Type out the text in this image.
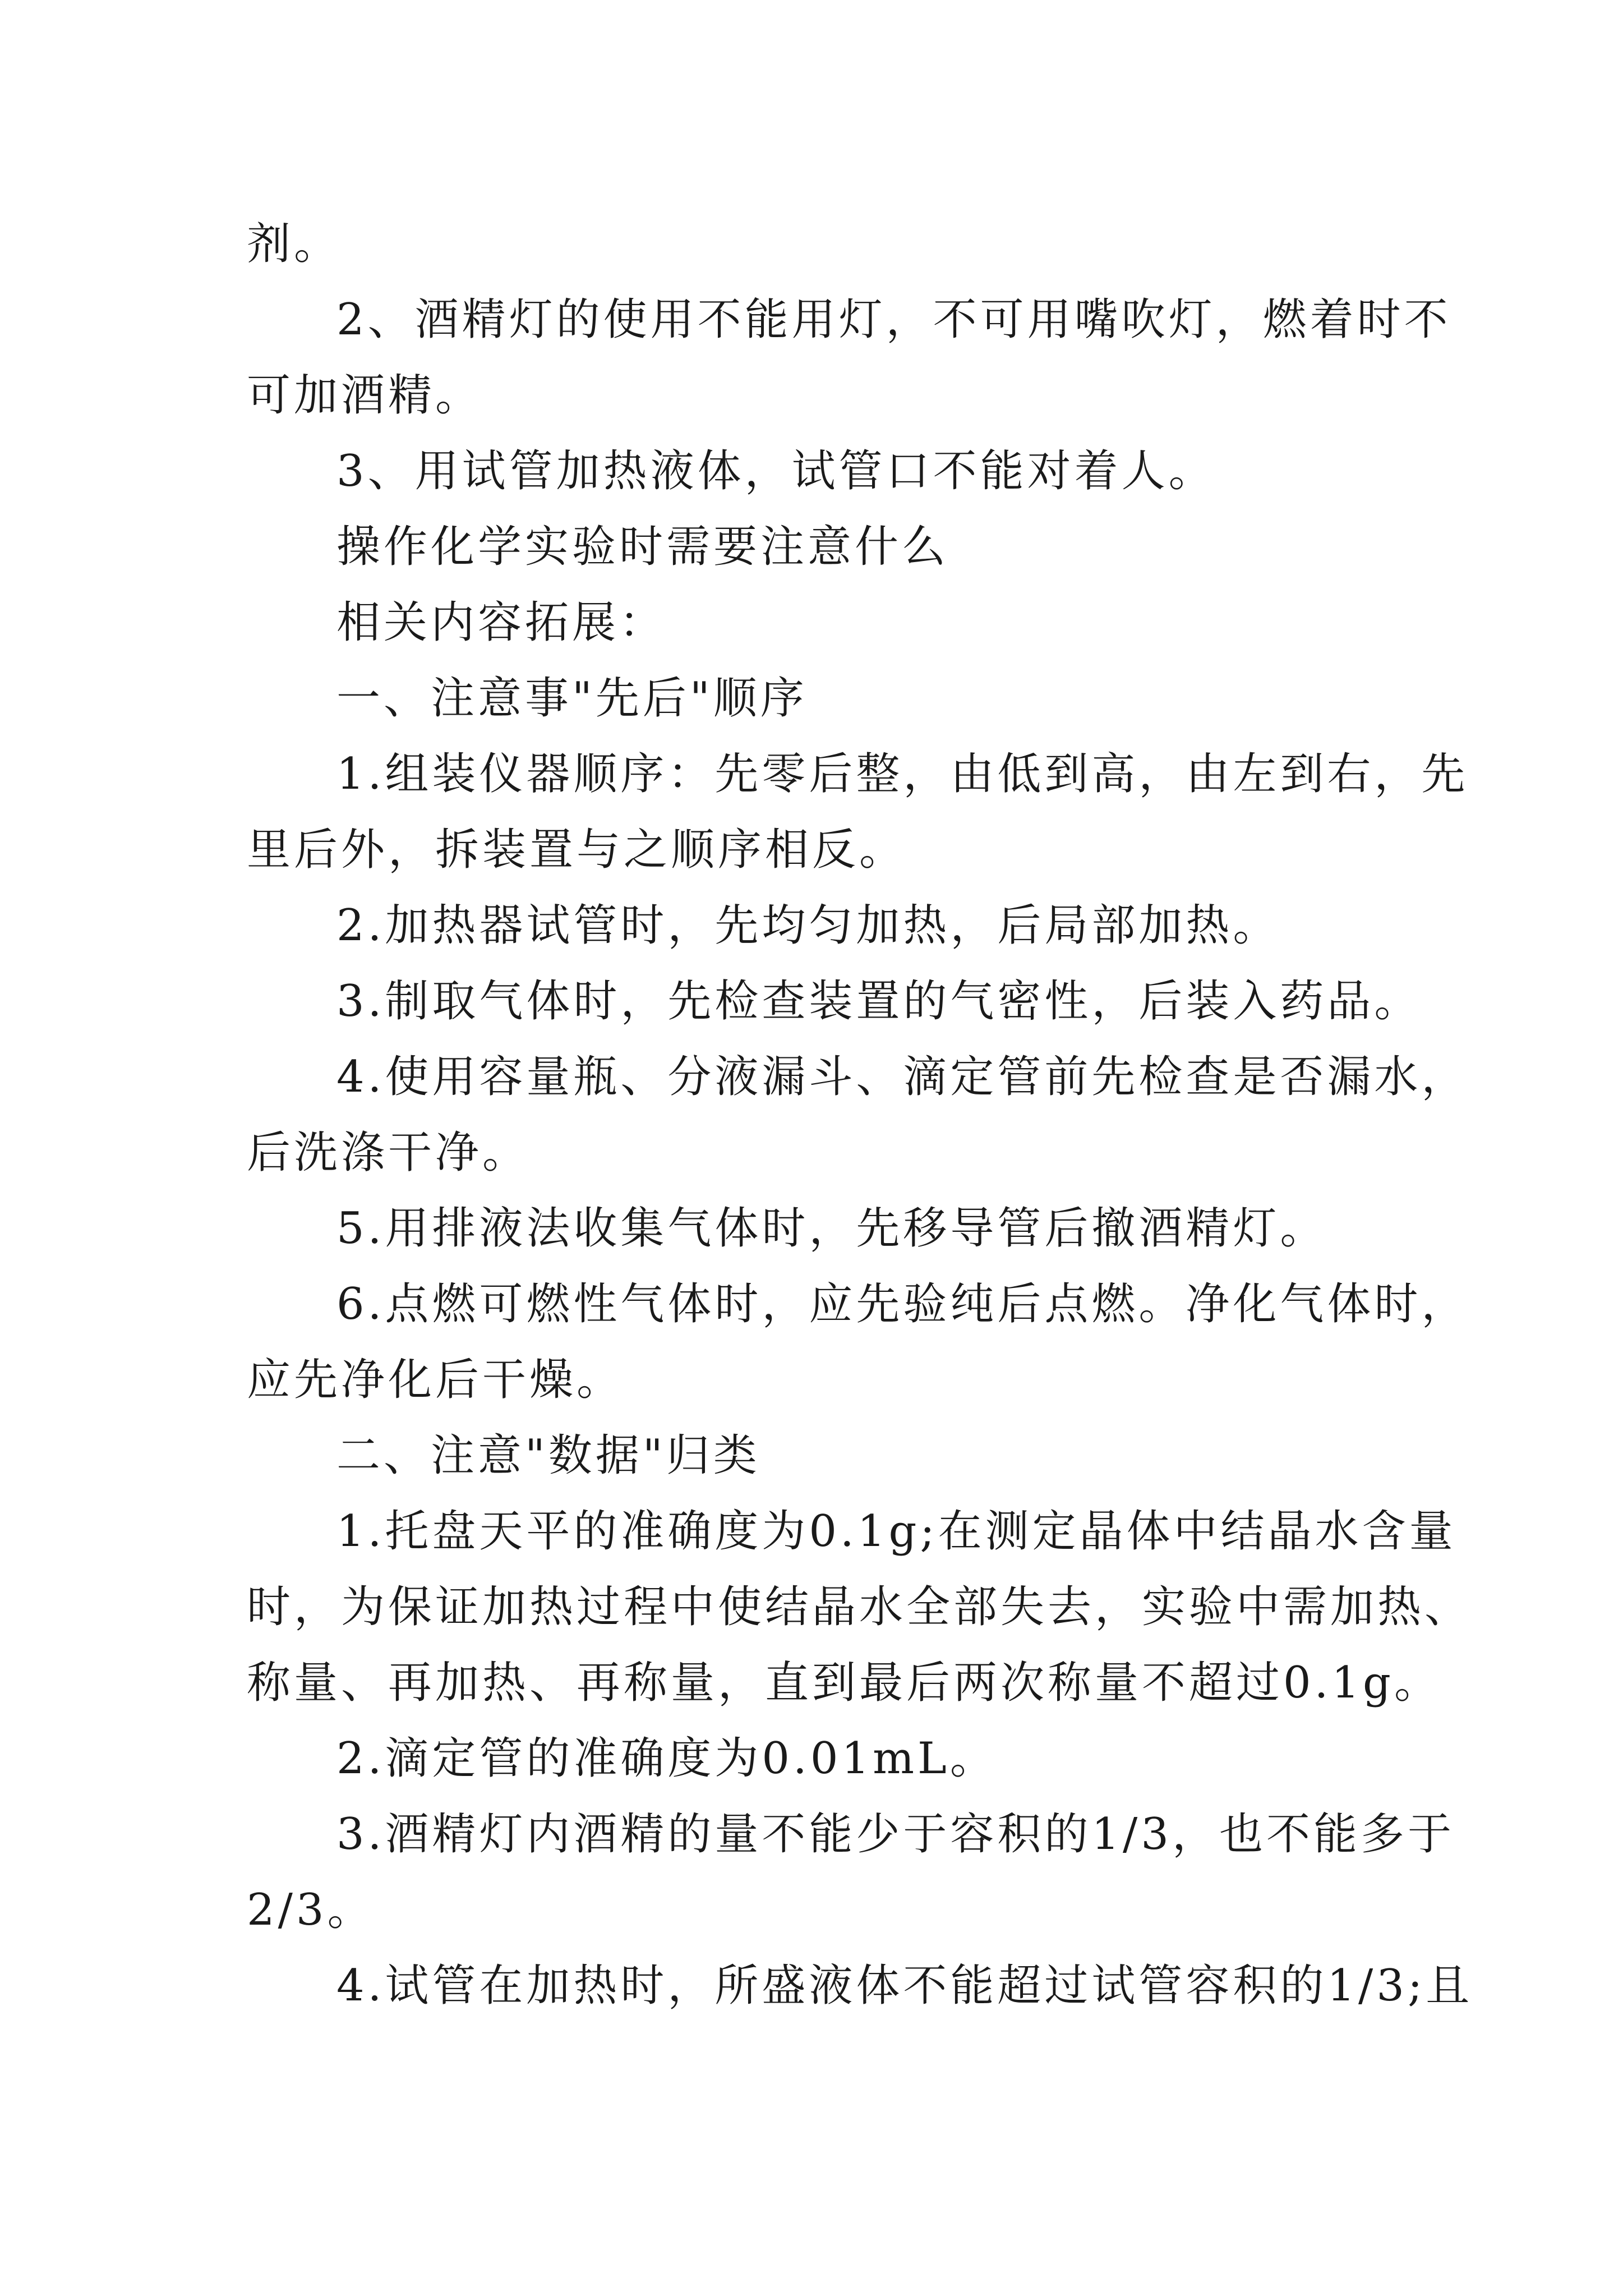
剂。
2、酒精灯的使用不能用灯，不可用嘴吹灯，燃着时不
可加酒精。
3、用试管加热液体，试管口不能对着人。
操作化学实验时需要注意什么
相关内容拓展：
一、注意事"先后"顺序
1.组装仪器顺序：先零后整，由低到高，由左到右，先
里后外，拆装置与之顺序相反。
2.加热器试管时，先均匀加热，后局部加热。
3.制取气体时，先检查装置的气密性，后装入药品。
4.使用容量瓶、分液漏斗、滴定管前先检查是否漏水，
后洗涤干净。
5.用排液法收集气体时，先移导管后撤酒精灯。
6.点燃可燃性气体时，应先验纯后点燃。净化气体时，
应先净化后干燥。
二、注意"数据"归类
1.托盘天平的准确度为0.1g;在测定晶体中结晶水含量
时，为保证加热过程中使结晶水全部失去，实验中需加热、
称量、再加热、再称量，直到最后两次称量不超过0.1g。
2.滴定管的准确度为0.01mL。
3.酒精灯内酒精的量不能少于容积的1/3，也不能多于
2/3。
4.试管在加热时，所盛液体不能超过试管容积的1/3;且
